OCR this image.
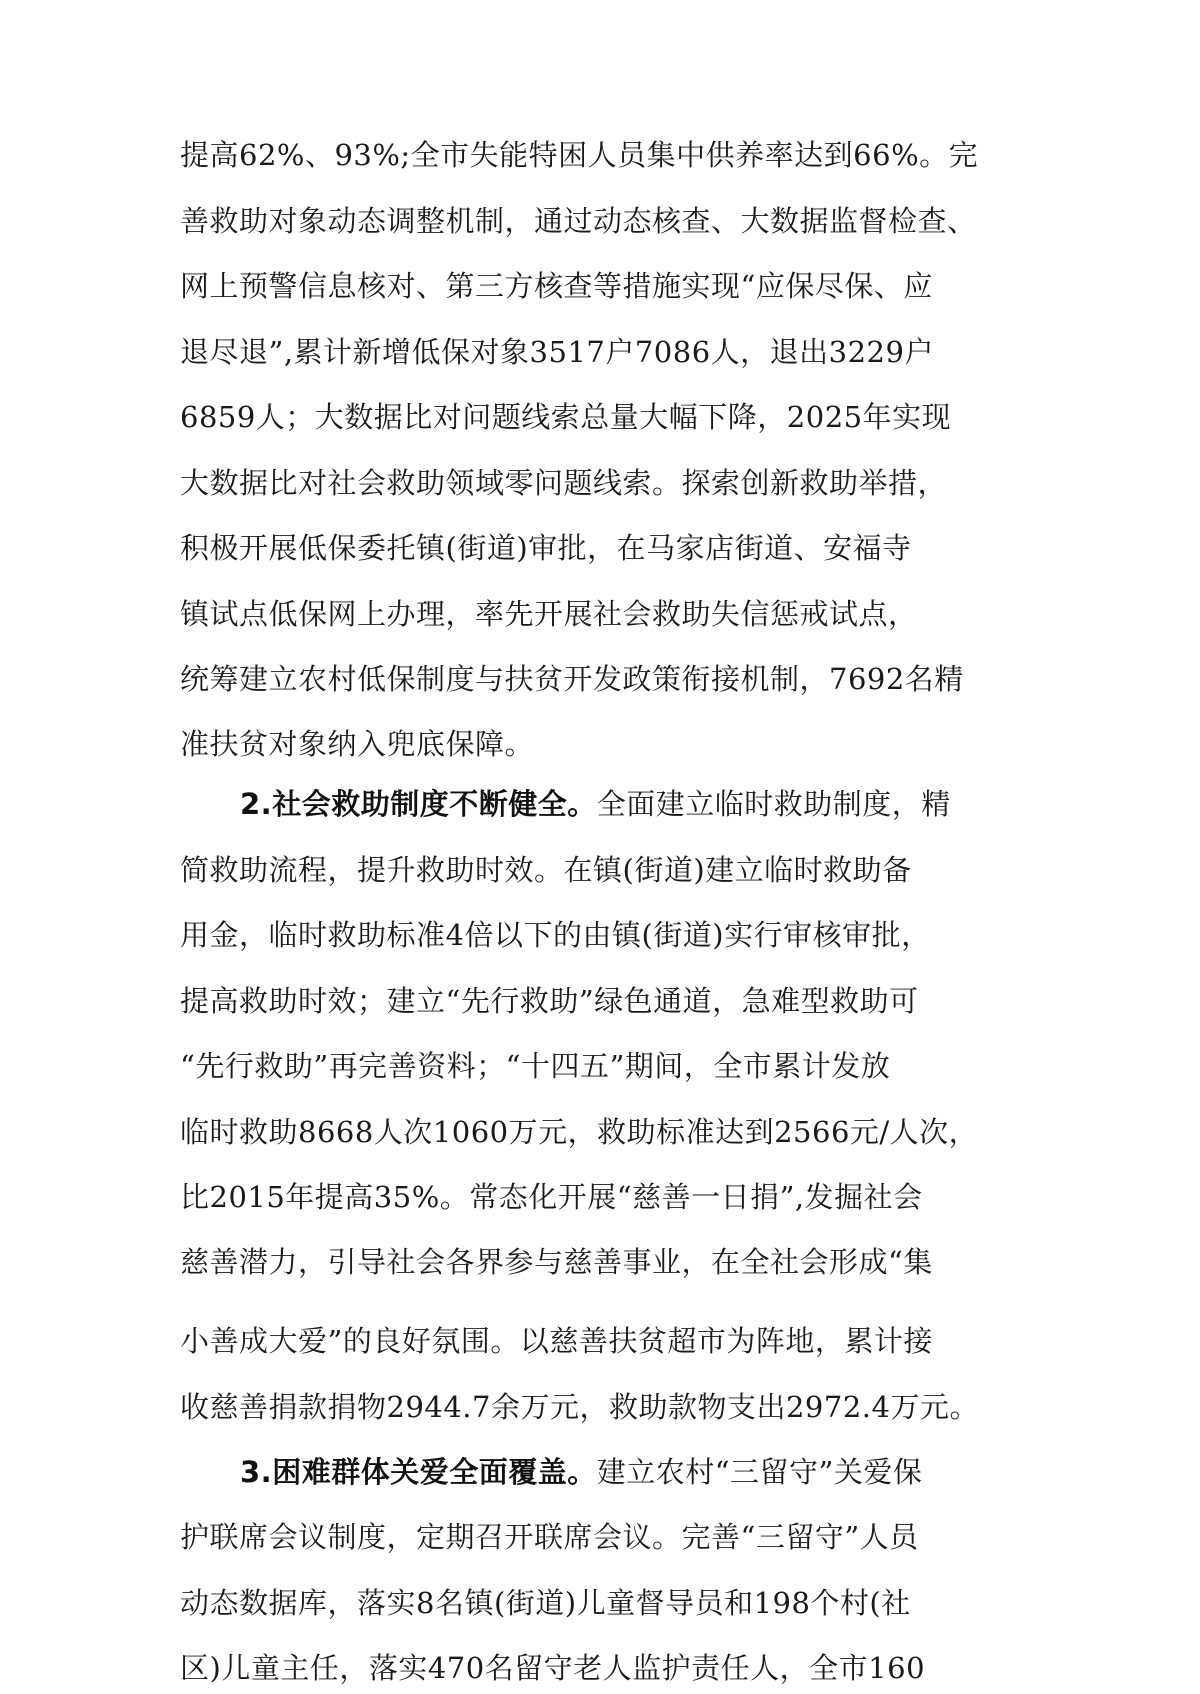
提高62%、93%;全市失能特困人员集中供养率达到66%。完

善救助对象动态调整机制，通过动态核查、大数据监督检查、

网上预警信息核对、第三方核查等措施实现“应保尽保、应

退尽退”,累计新增低保对象3517户7086人，退出3229户

6859人；大数据比对问题线索总量大幅下降，2025年实现

大数据比对社会救助领域零问题线索。探索创新救助举措，

积极开展低保委托镇(街道)审批，在马家店街道、安福寺

镇试点低保网上办理，率先开展社会救助失信惩戒试点，

统筹建立农村低保制度与扶贫开发政策衔接机制，7692名精

准扶贫对象纳入兜底保障。

2.社会救助制度不断健全。全面建立临时救助制度，精

简救助流程，提升救助时效。在镇(街道)建立临时救助备

用金，临时救助标准4倍以下的由镇(街道)实行审核审批，

提高救助时效；建立“先行救助”绿色通道，急难型救助可

“先行救助”再完善资料；“十四五”期间，全市累计发放

临时救助8668人次1060万元，救助标准达到2566元/人次，

比2015年提高35%。常态化开展“慈善一日捐”,发掘社会

慈善潜力，引导社会各界参与慈善事业，在全社会形成“集

小善成大爱”的良好氛围。以慈善扶贫超市为阵地，累计接

收慈善捐款捐物2944.7余万元，救助款物支出2972.4万元。

3.困难群体关爱全面覆盖。建立农村“三留守”关爱保

护联席会议制度，定期召开联席会议。完善“三留守”人员

动态数据库，落实8名镇(街道)儿童督导员和198个村(社

区)儿童主任，落实470名留守老人监护责任人，全市160
